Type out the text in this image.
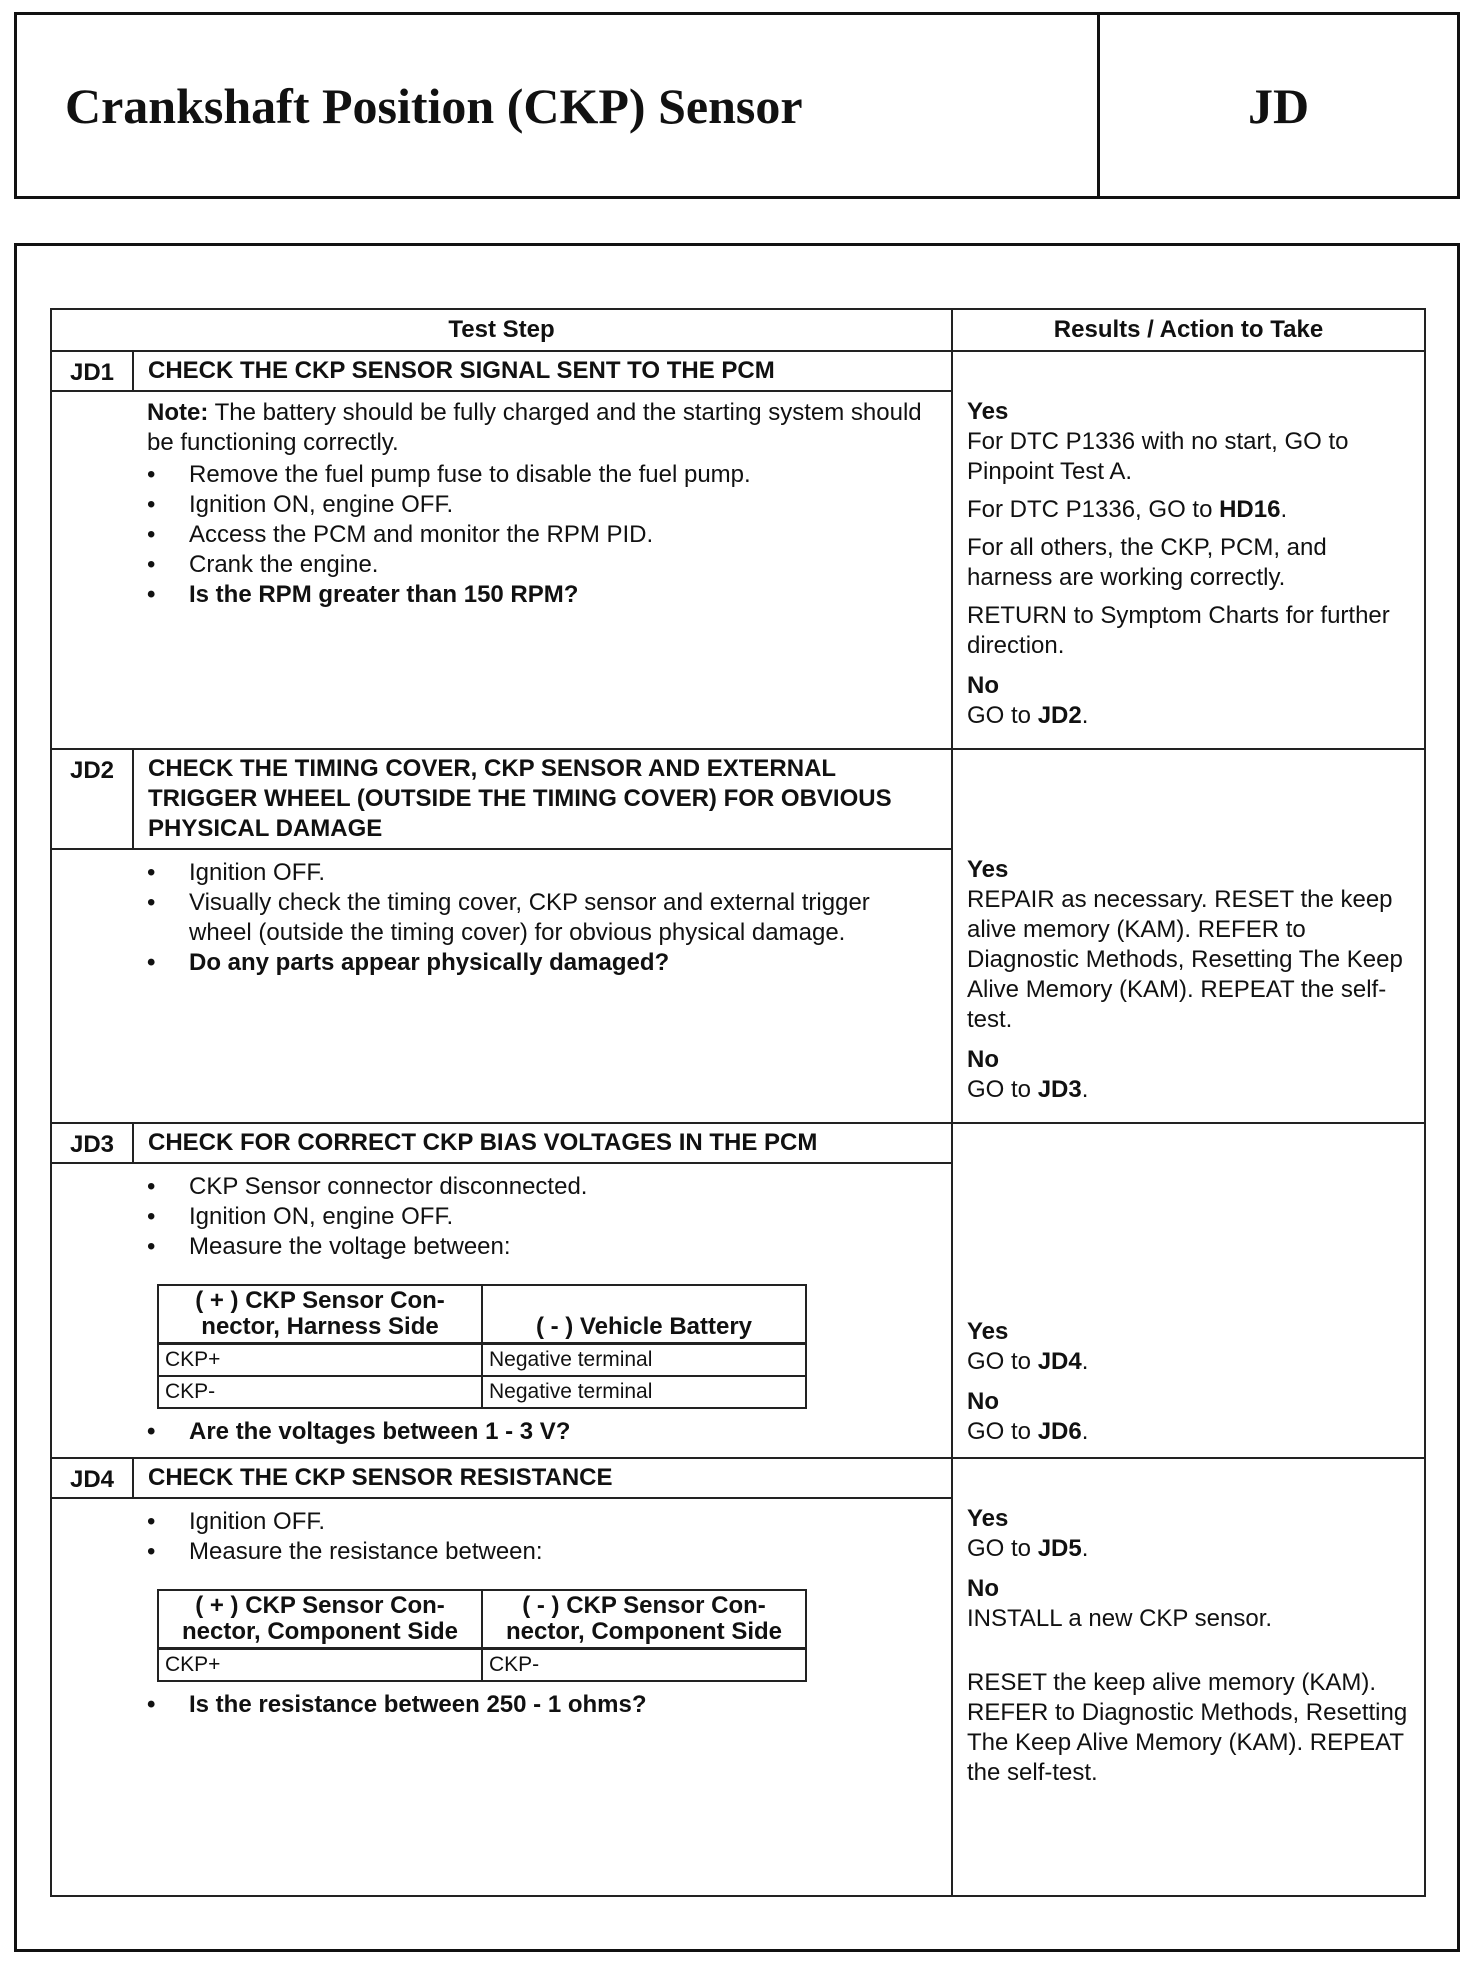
Crankshaft Position (CKP) Sensor	JD
Test Step	Results / Action to Take
JD1	CHECK THE CKP SENSOR SIGNAL SENT TO THE PCM	

Note: The battery should be fully charged and the starting system should be functioning correctly.
• Remove the fuel pump fuse to disable the fuel pump.
• Ignition ON, engine OFF.
• Access the PCM and monitor the RPM PID.
• Crank the engine.
• Is the RPM greater than 150 RPM?

Yes
For DTC P1336 with no start, GO to Pinpoint Test A.
For DTC P1336, GO to HD16.
For all others, the CKP, PCM, and harness are working correctly.
RETURN to Symptom Charts for further direction.
No
GO to JD2.

JD2	CHECK THE TIMING COVER, CKP SENSOR AND EXTERNAL TRIGGER WHEEL (OUTSIDE THE TIMING COVER) FOR OBVIOUS PHYSICAL DAMAGE	

• Ignition OFF.
• Visually check the timing cover, CKP sensor and external trigger wheel (outside the timing cover) for obvious physical damage.
• Do any parts appear physically damaged?

Yes
REPAIR as necessary. RESET the keep alive memory (KAM). REFER to Diagnostic Methods, Resetting The Keep Alive Memory (KAM). REPEAT the self-test.
No
GO to JD3.

JD3	CHECK FOR CORRECT CKP BIAS VOLTAGES IN THE PCM	

• CKP Sensor connector disconnected.
• Ignition ON, engine OFF.
• Measure the voltage between:
( + ) CKP Sensor Con-nector, Harness Side	( - ) Vehicle Battery
CKP+	Negative terminal
CKP-	Negative terminal
• Are the voltages between 1 - 3 V?

Yes
GO to JD4.
No
GO to JD6.

JD4	CHECK THE CKP SENSOR RESISTANCE	

• Ignition OFF.
• Measure the resistance between:
( + ) CKP Sensor Con-nector, Component Side	( - ) CKP Sensor Con-nector, Component Side
CKP+	CKP-
• Is the resistance between 250 - 1 ohms?

Yes
GO to JD5.
No
INSTALL a new CKP sensor.
RESET the keep alive memory (KAM). REFER to Diagnostic Methods, Resetting The Keep Alive Memory (KAM). REPEAT the self-test.
